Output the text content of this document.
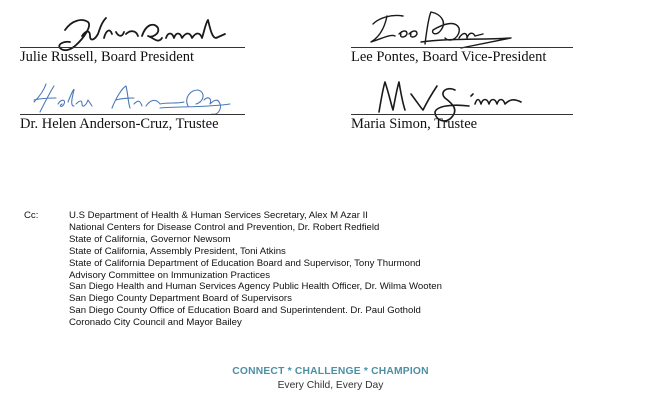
Julie Russell, Board President	Lee Pontes, Board Vice-President
Dr. Helen Anderson-Cruz, Trustee	Maria Simon, Trustee
Cc:	U.S Department of Health & Human Services Secretary, Alex M Azar II
National Centers for Disease Control and Prevention, Dr. Robert Redfield
State of California, Governor Newsom
State of California, Assembly President, Toni Atkins
State of California Department of Education Board and Supervisor, Tony Thurmond
Advisory Committee on Immunization Practices
San Diego Health and Human Services Agency Public Health Officer, Dr. Wilma Wooten
San Diego County Department Board of Supervisors
San Diego County Office of Education Board and Superintendent. Dr. Paul Gothold
Coronado City Council and Mayor Bailey
CONNECT * CHALLENGE * CHAMPION
Every Child, Every Day
